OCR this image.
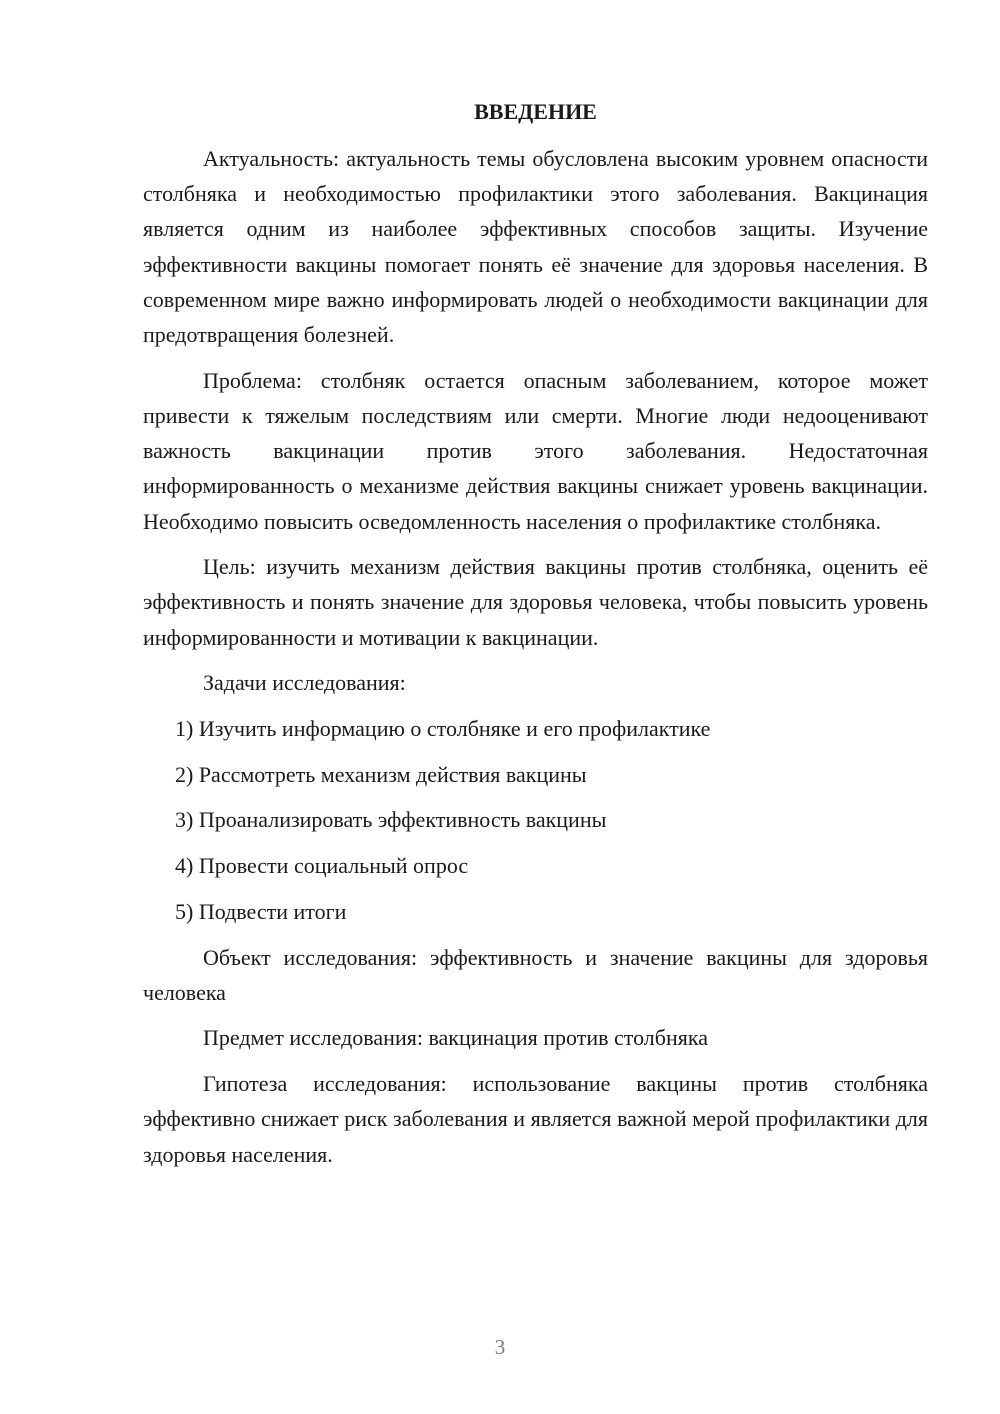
ВВЕДЕНИЕ

Актуальность: актуальность темы обусловлена высоким уровнем опасности столбняка и необходимостью профилактики этого заболевания. Вакцинация является одним из наиболее эффективных способов защиты. Изучение эффективности вакцины помогает понять её значение для здоровья населения. В современном мире важно информировать людей о необходимости вакцинации для предотвращения болезней.

Проблема: столбняк остается опасным заболеванием, которое может привести к тяжелым последствиям или смерти. Многие люди недооценивают важность вакцинации против этого заболевания. Недостаточная информированность о механизме действия вакцины снижает уровень вакцинации. Необходимо повысить осведомленность населения о профилактике столбняка.

Цель: изучить механизм действия вакцины против столбняка, оценить её эффективность и понять значение для здоровья человека, чтобы повысить уровень информированности и мотивации к вакцинации.

Задачи исследования:

1) Изучить информацию о столбняке и его профилактике

2) Рассмотреть механизм действия вакцины

3) Проанализировать эффективность вакцины

4) Провести социальный опрос

5) Подвести итоги

Объект исследования: эффективность и значение вакцины для здоровья человека

Предмет исследования: вакцинация против столбняка

Гипотеза исследования: использование вакцины против столбняка эффективно снижает риск заболевания и является важной мерой профилактики для здоровья населения.

3
